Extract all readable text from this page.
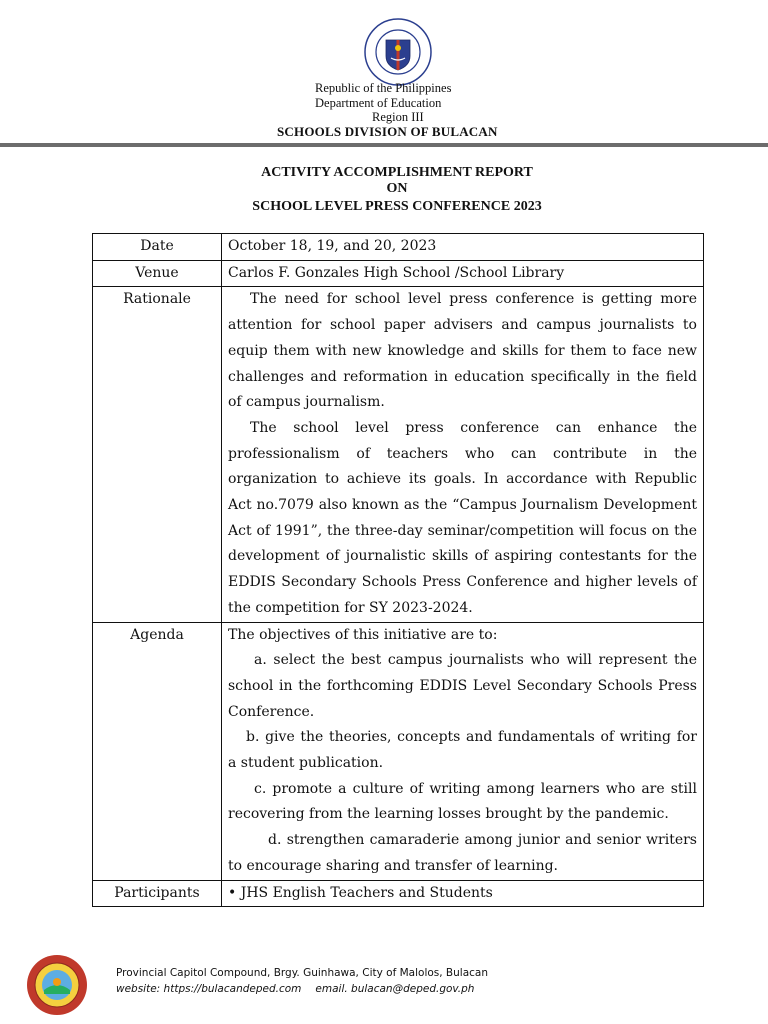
Republic of the Philippines
Department of Education
Region III
SCHOOLS DIVISION OF BULACAN
ACTIVITY ACCOMPLISHMENT REPORT
ON
SCHOOL LEVEL PRESS CONFERENCE 2023
Date	October 18, 19, and 20, 2023
Venue	Carlos F. Gonzales High School /School Library
Rationale	The need for school level press conference is getting more attention for school paper advisers and campus journalists to equip them with new knowledge and skills for them to face new challenges and reformation in education specifically in the field of campus journalism.
The school level press conference can enhance the professionalism of teachers who can contribute in the organization to achieve its goals. In accordance with Republic Act no.7079 also known as the “Campus Journalism Development Act of 1991”, the three-day seminar/competition will focus on the development of journalistic skills of aspiring contestants for the EDDIS Secondary Schools Press Conference and higher levels of the competition for SY 2023-2024.

Agenda	The objectives of this initiative are to:
a. select the best campus journalists who will represent the school in the forthcoming EDDIS Level Secondary Schools Press Conference.
b. give the theories, concepts and fundamentals of writing for a student publication.
c. promote a culture of writing among learners who are still recovering from the learning losses brought by the pandemic.
d. strengthen camaraderie among junior and senior writers to encourage sharing and transfer of learning.

Participants	• JHS English Teachers and Students
Provincial Capitol Compound, Brgy. Guinhawa, City of Malolos, Bulacan
website: https://bulacandeped.com email. bulacan@deped.gov.ph
